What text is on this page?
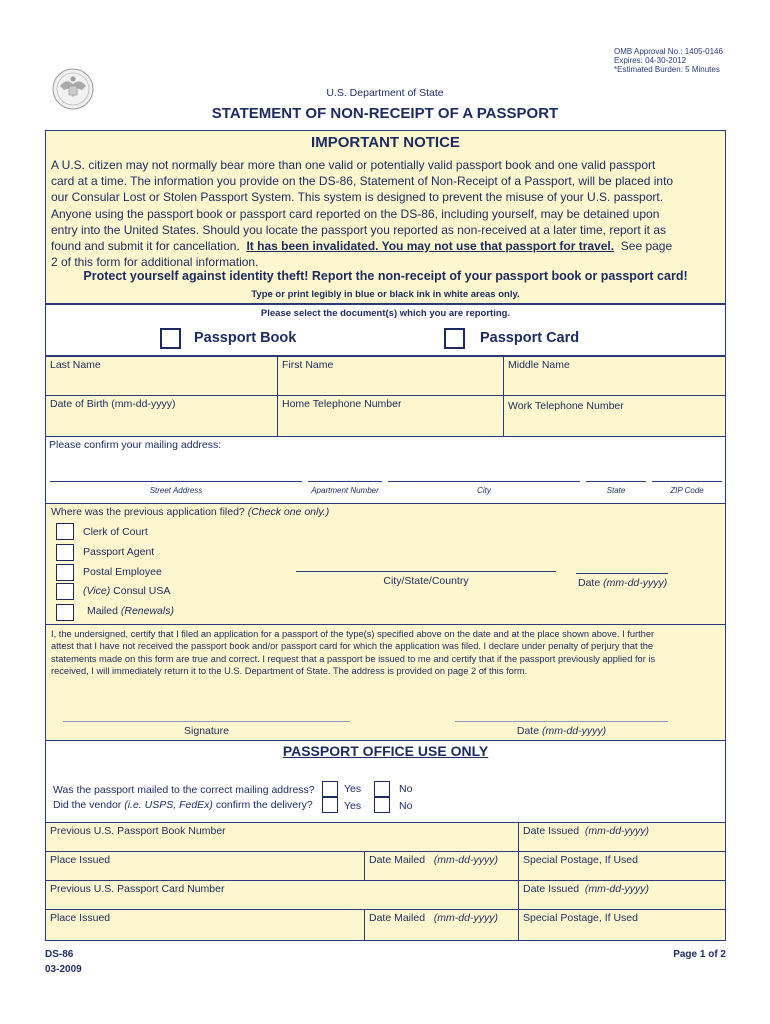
OMB Approval No.: 1405-0146
Expires: 04-30-2012
*Estimated Burden: 5 Minutes
U.S. Department of State
STATEMENT OF NON-RECEIPT OF A PASSPORT
IMPORTANT NOTICE
A U.S. citizen may not normally bear more than one valid or potentially valid passport book and one valid passport
card at a time. The information you provide on the DS-86, Statement of Non-Receipt of a Passport, will be placed into
our Consular Lost or Stolen Passport System. This system is designed to prevent the misuse of your U.S. passport.
Anyone using the passport book or passport card reported on the DS-86, including yourself, may be detained upon
entry into the United States. Should you locate the passport you reported as non-received at a later time, report it as
found and submit it for cancellation.  It has been invalidated. You may not use that passport for travel.  See page
2 of this form for additional information.
Protect yourself against identity theft! Report the non-receipt of your passport book or passport card!
Type or print legibly in blue or black ink in white areas only.
Please select the document(s) which you are reporting.
Passport Book	Passport Card
Last Name	First Name	Middle Name
Date of Birth (mm-dd-yyyy)	Home Telephone Number	Work Telephone Number
Please confirm your mailing address:
Street Address	Apartment Number	City	State	ZIP Code
Where was the previous application filed? (Check one only.)
Clerk of Court
Passport Agent
Postal Employee
(Vice) Consul USA
Mailed (Renewals)
City/State/Country	Date (mm-dd-yyyy)
I, the undersigned, certify that I filed an application for a passport of the type(s) specified above on the date and at the place shown above. I further
attest that I have not received the passport book and/or passport card for which the application was filed. I declare under penalty of perjury that the
statements made on this form are true and correct. I request that a passport be issued to me and certify that if the passport previously applied for is
received, I will immediately return it to the U.S. Department of State. The address is provided on page 2 of this form.
Signature	Date (mm-dd-yyyy)
PASSPORT OFFICE USE ONLY
Was the passport mailed to the correct mailing address?
Did the vendor (i.e. USPS, FedEx) confirm the delivery?
Yes	No
Yes	No
Previous U.S. Passport Book Number	Date Issued (mm-dd-yyyy)
Place Issued	Date Mailed (mm-dd-yyyy)	Special Postage, If Used
Previous U.S. Passport Card Number	Date Issued (mm-dd-yyyy)
Place Issued	Date Mailed (mm-dd-yyyy)	Special Postage, If Used
DS-86
03-2009
Page 1 of 2
